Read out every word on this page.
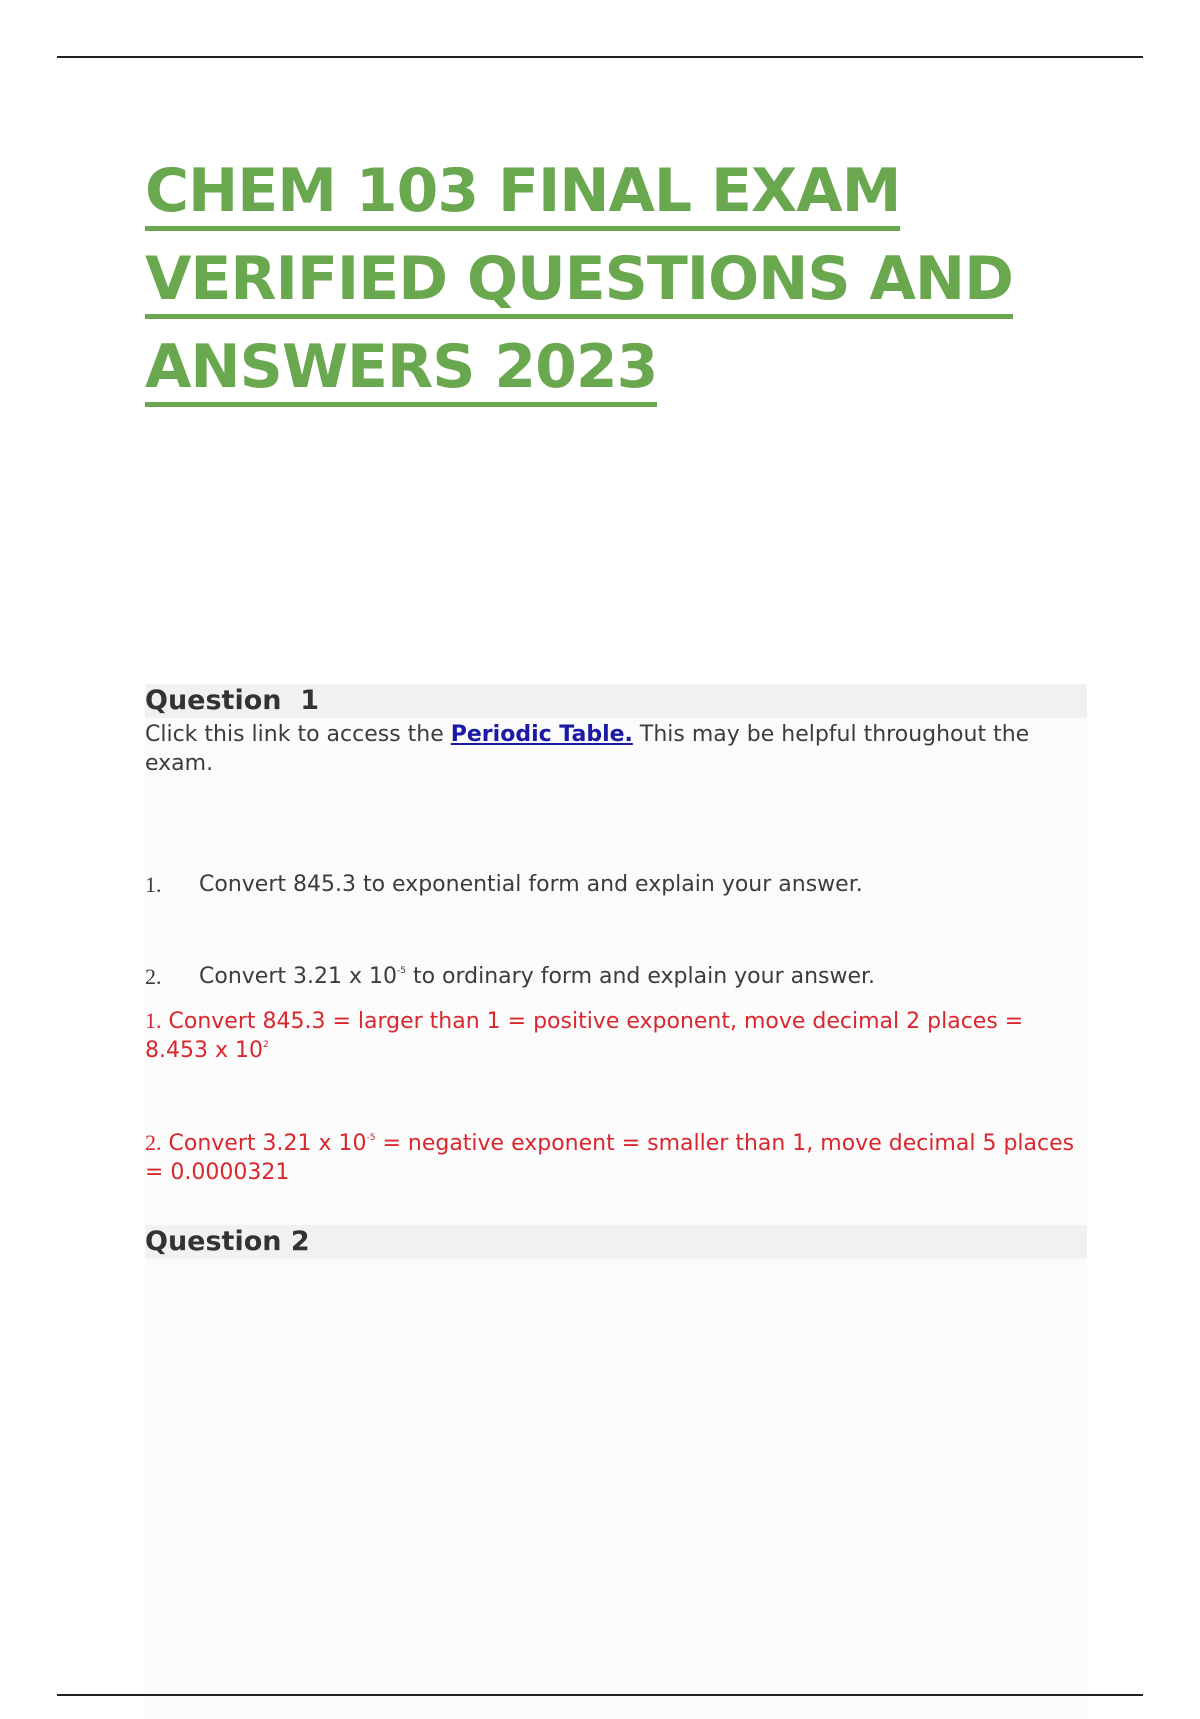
CHEM 103 FINAL EXAM
VERIFIED QUESTIONS AND
ANSWERS 2023
Question  1

Click this link to access the Periodic Table. This may be helpful throughout the exam.

1.	Convert 845.3 to exponential form and explain your answer.
2.	Convert 3.21 x $10^{-5}$ to ordinary form and explain your answer.

1. Convert 845.3 = larger than 1 = positive exponent, move decimal 2 places = 8.453 x $10^2$

2. Convert 3.21 x $10^{-5}$ = negative exponent = smaller than 1, move decimal 5 places = 0.0000321

Question 2
